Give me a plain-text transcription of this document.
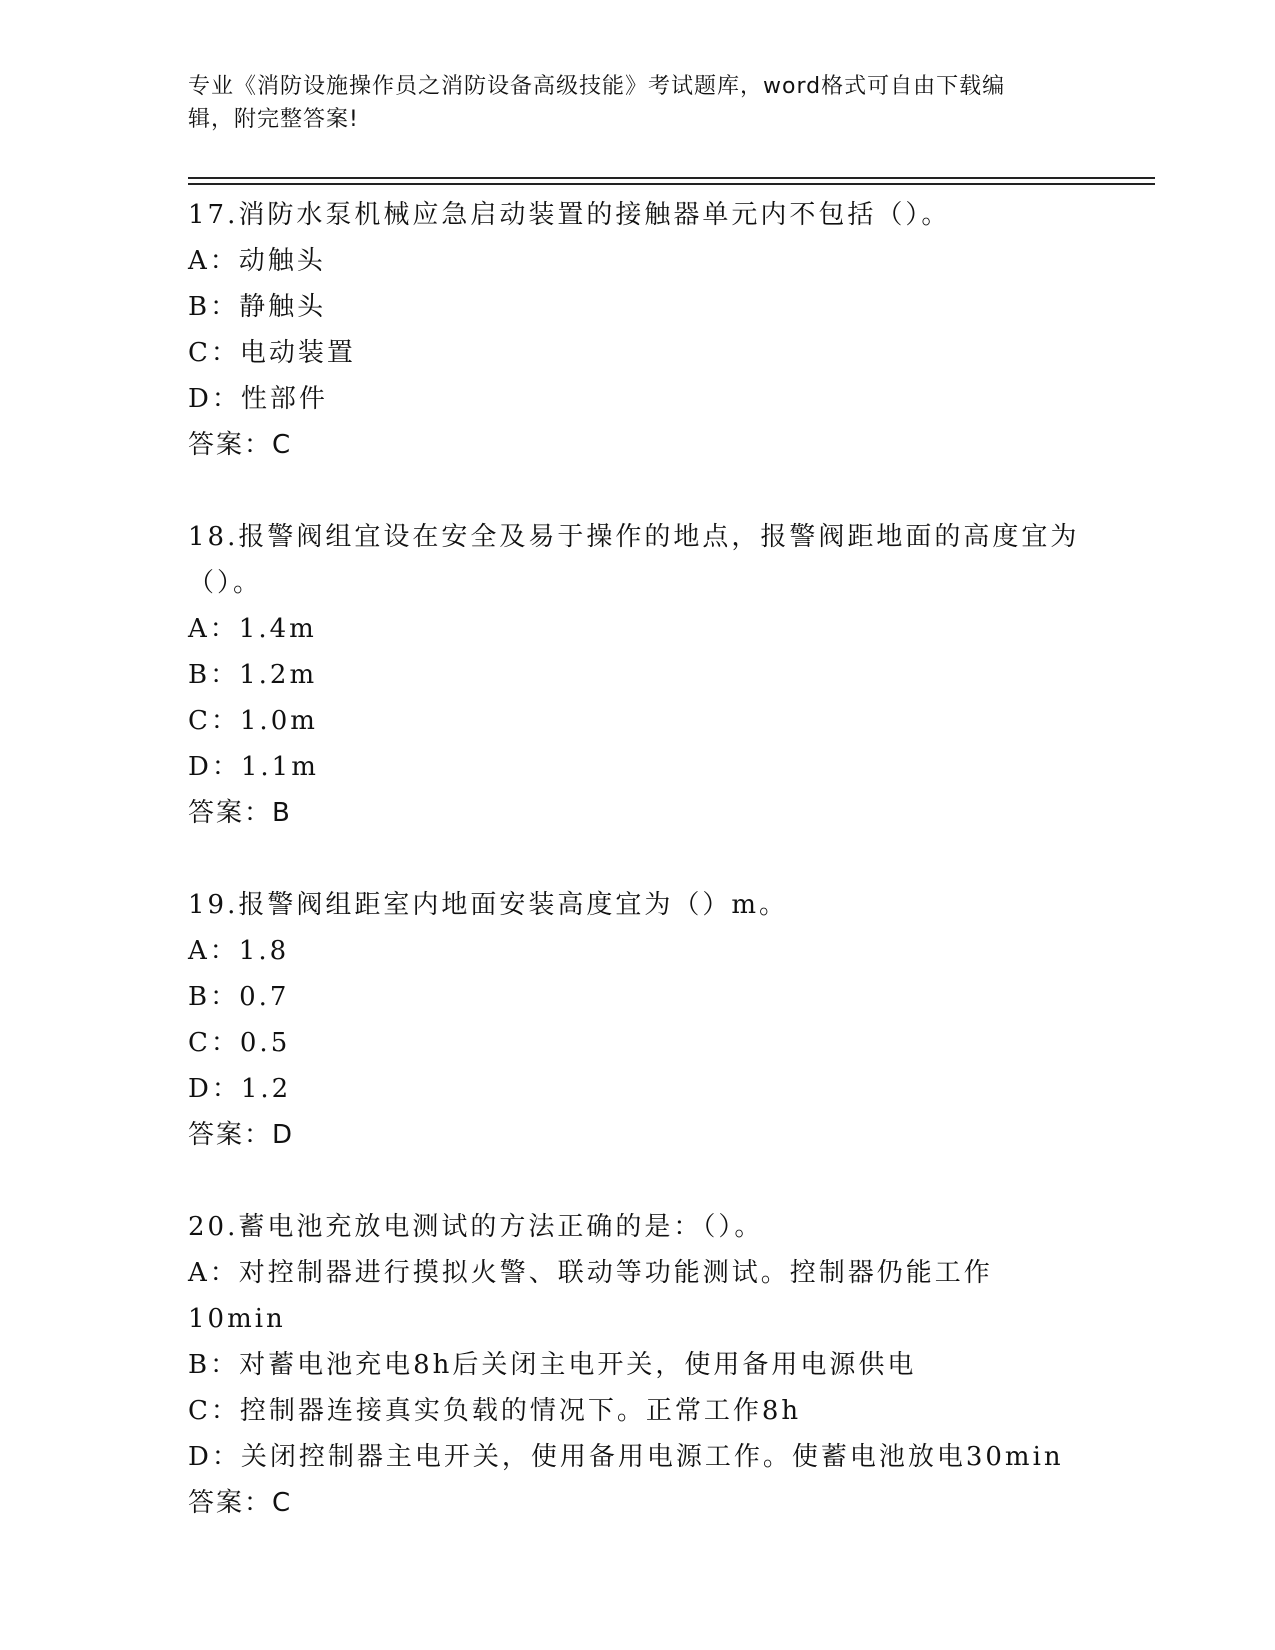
专业《消防设施操作员之消防设备高级技能》考试题库，word格式可自由下载编
辑，附完整答案!
17.消防水泵机械应急启动装置的接触器单元内不包括（）。
A：动触头
B：静触头
C：电动装置
D：性部件
答案：C
18.报警阀组宜设在安全及易于操作的地点，报警阀距地面的高度宜为（）。
A：1.4m
B：1.2m
C：1.0m
D：1.1m
答案：B
19.报警阀组距室内地面安装高度宜为（）m。
A：1.8
B：0.7
C：0.5
D：1.2
答案：D
20.蓄电池充放电测试的方法正确的是：（）。
A：对控制器进行摸拟火警、联动等功能测试。控制器仍能工作10min
B：对蓄电池充电8h后关闭主电开关，使用备用电源供电
C：控制器连接真实负载的情况下。正常工作8h
D：关闭控制器主电开关，使用备用电源工作。使蓄电池放电30min
答案：C
